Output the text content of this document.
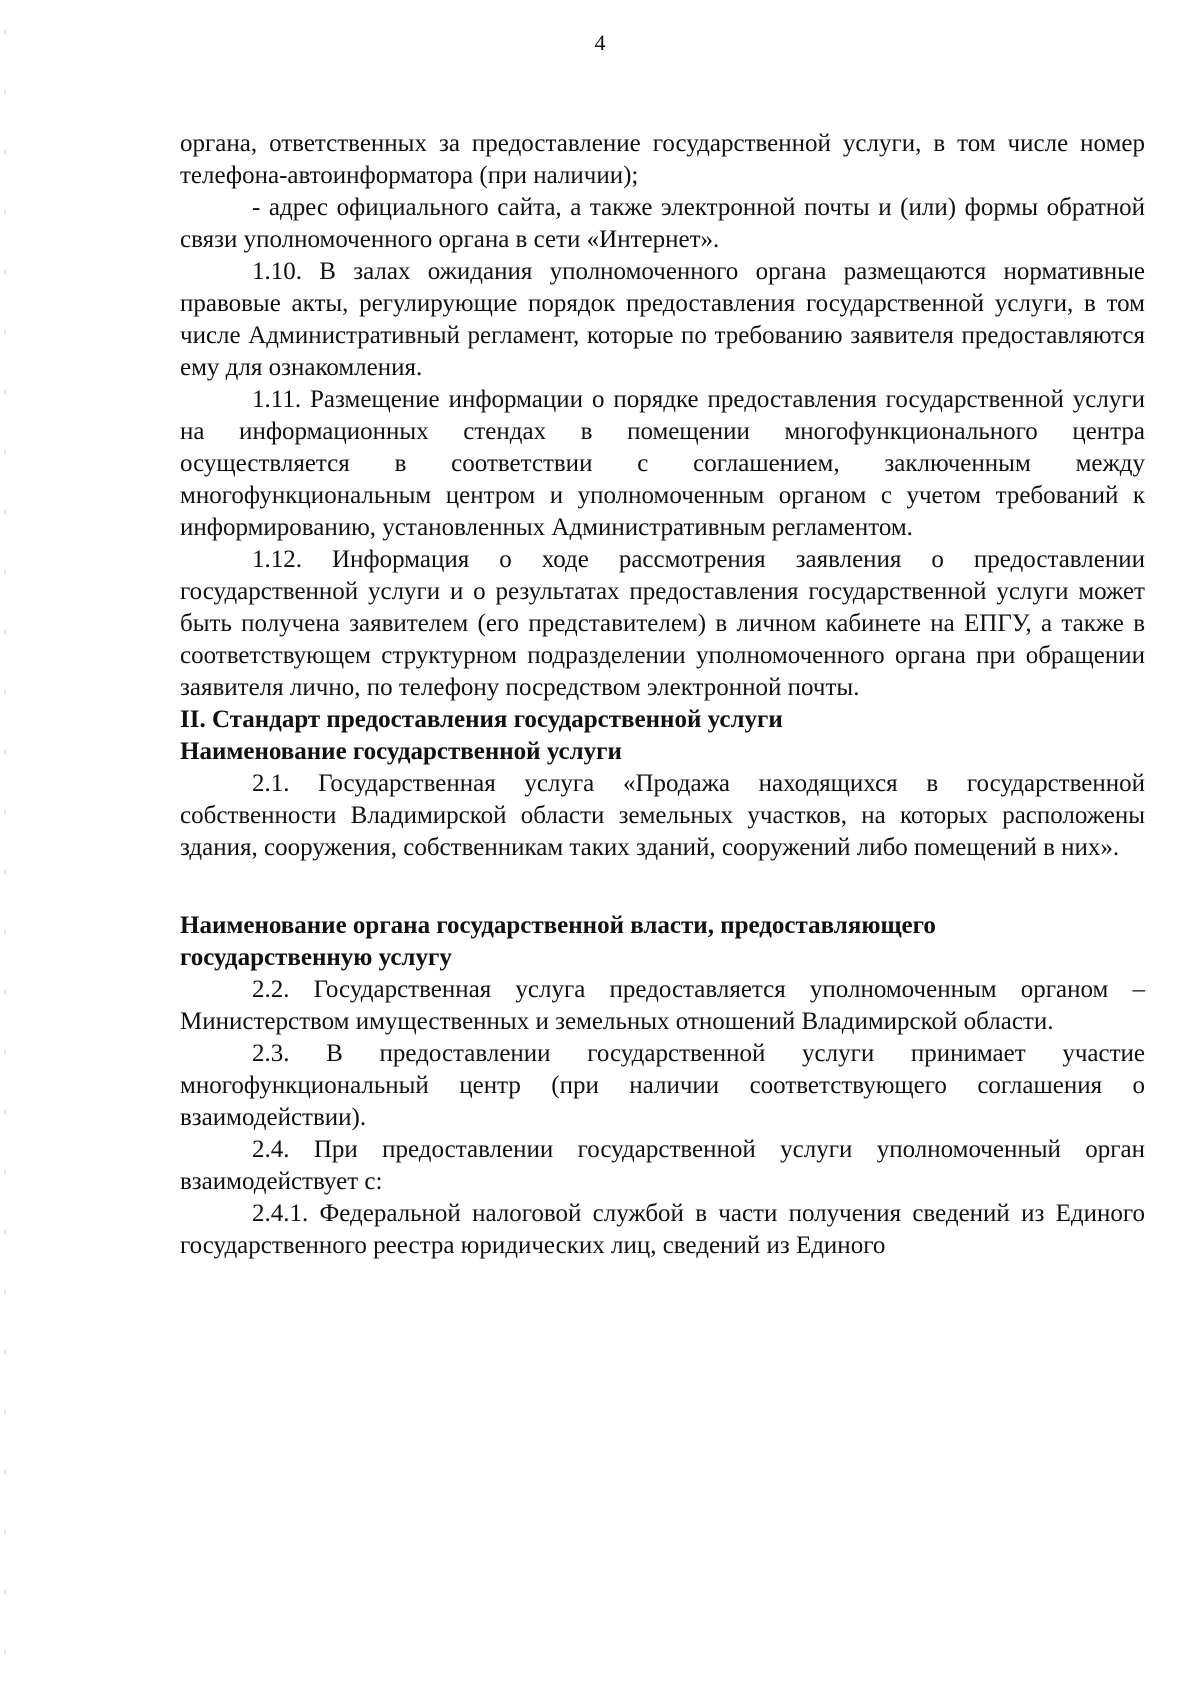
4

органа, ответственных за предоставление государственной услуги, в том числе номер телефона-автоинформатора (при наличии);

- адрес официального сайта, а также электронной почты и (или) формы обратной связи уполномоченного органа в сети «Интернет».

1.10. В залах ожидания уполномоченного органа размещаются нормативные правовые акты, регулирующие порядок предоставления государственной услуги, в том числе Административный регламент, которые по требованию заявителя предоставляются ему для ознакомления.

1.11. Размещение информации о порядке предоставления государственной услуги на информационных стендах в помещении многофункционального центра осуществляется в соответствии с соглашением, заключенным между многофункциональным центром и уполномоченным органом с учетом требований к информированию, установленных Административным регламентом.

1.12. Информация о ходе рассмотрения заявления о предоставлении государственной услуги и о результатах предоставления государственной услуги может быть получена заявителем (его представителем) в личном кабинете на ЕПГУ, а также в соответствующем структурном подразделении уполномоченного органа при обращении заявителя лично, по телефону посредством электронной почты.

II. Стандарт предоставления государственной услуги

Наименование государственной услуги

2.1. Государственная услуга «Продажа находящихся в государственной собственности Владимирской области земельных участков, на которых расположены здания, сооружения, собственникам таких зданий, сооружений либо помещений в них».

Наименование органа государственной власти, предоставляющего

государственную услугу

2.2. Государственная услуга предоставляется уполномоченным органом – Министерством имущественных и земельных отношений Владимирской области.

2.3. В предоставлении государственной услуги принимает участие многофункциональный центр (при наличии соответствующего соглашения о взаимодействии).

2.4. При предоставлении государственной услуги уполномоченный орган взаимодействует с:

2.4.1. Федеральной налоговой службой в части получения сведений из Единого государственного реестра юридических лиц, сведений из Единого
